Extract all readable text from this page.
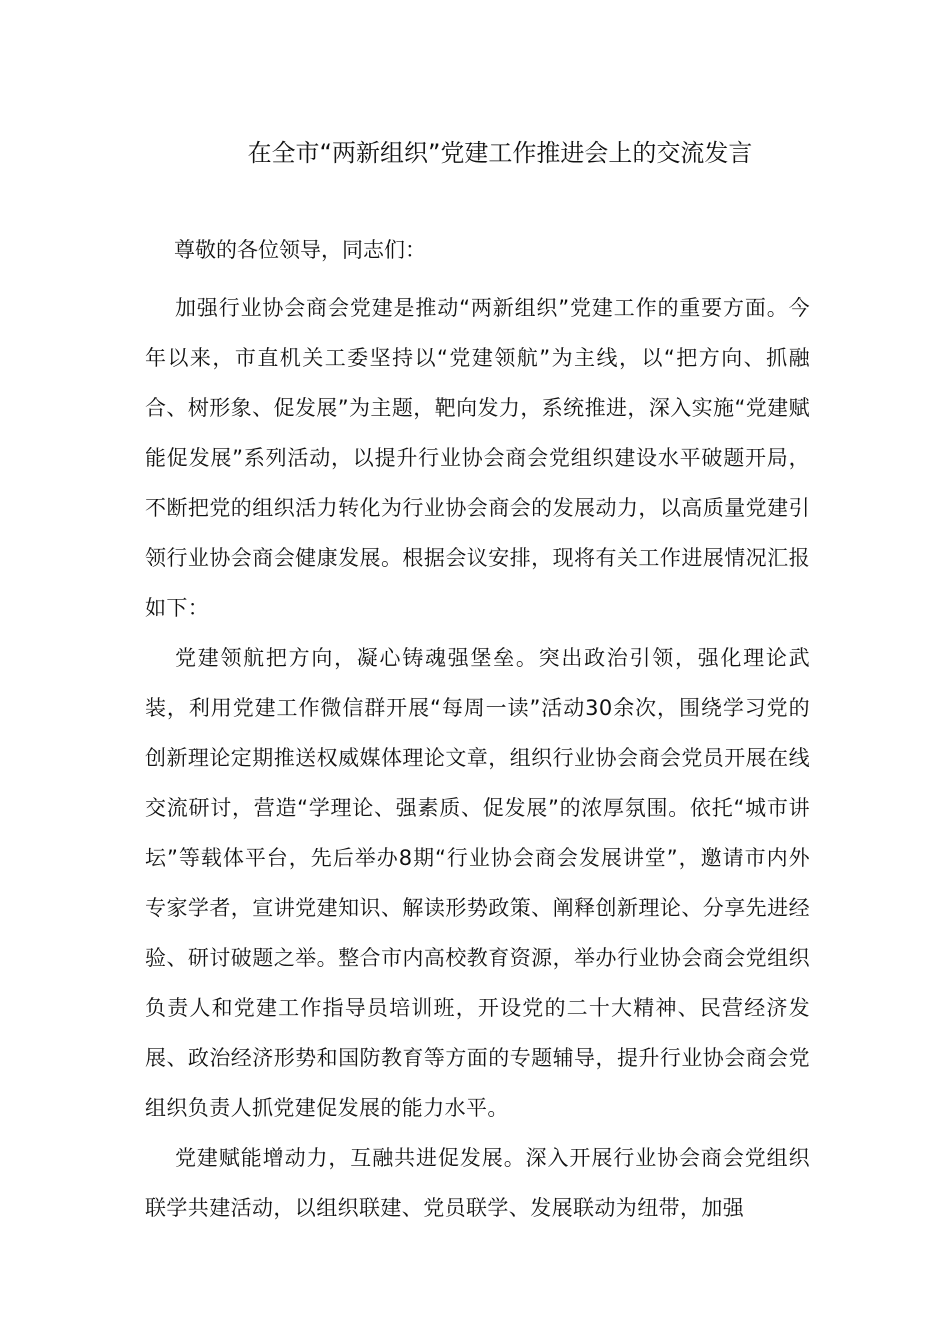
在全市“两新组织”党建工作推进会上的交流发言

尊敬的各位领导，同志们：

加强行业协会商会党建是推动“两新组织”党建工作的重要方面。今年以来，市直机关工委坚持以“党建领航”为主线，以“把方向、抓融合、树形象、促发展”为主题，靶向发力，系统推进，深入实施“党建赋能促发展”系列活动，以提升行业协会商会党组织建设水平破题开局，不断把党的组织活力转化为行业协会商会的发展动力，以高质量党建引领行业协会商会健康发展。根据会议安排，现将有关工作进展情况汇报如下：

党建领航把方向，凝心铸魂强堡垒。突出政治引领，强化理论武装，利用党建工作微信群开展“每周一读”活动30余次，围绕学习党的创新理论定期推送权威媒体理论文章，组织行业协会商会党员开展在线交流研讨，营造“学理论、强素质、促发展”的浓厚氛围。依托“城市讲坛”等载体平台，先后举办8期“行业协会商会发展讲堂”，邀请市内外专家学者，宣讲党建知识、解读形势政策、阐释创新理论、分享先进经验、研讨破题之举。整合市内高校教育资源，举办行业协会商会党组织负责人和党建工作指导员培训班，开设党的二十大精神、民营经济发展、政治经济形势和国防教育等方面的专题辅导，提升行业协会商会党组织负责人抓党建促发展的能力水平。

党建赋能增动力，互融共进促发展。深入开展行业协会商会党组织联学共建活动，以组织联建、党员联学、发展联动为纽带，加强
